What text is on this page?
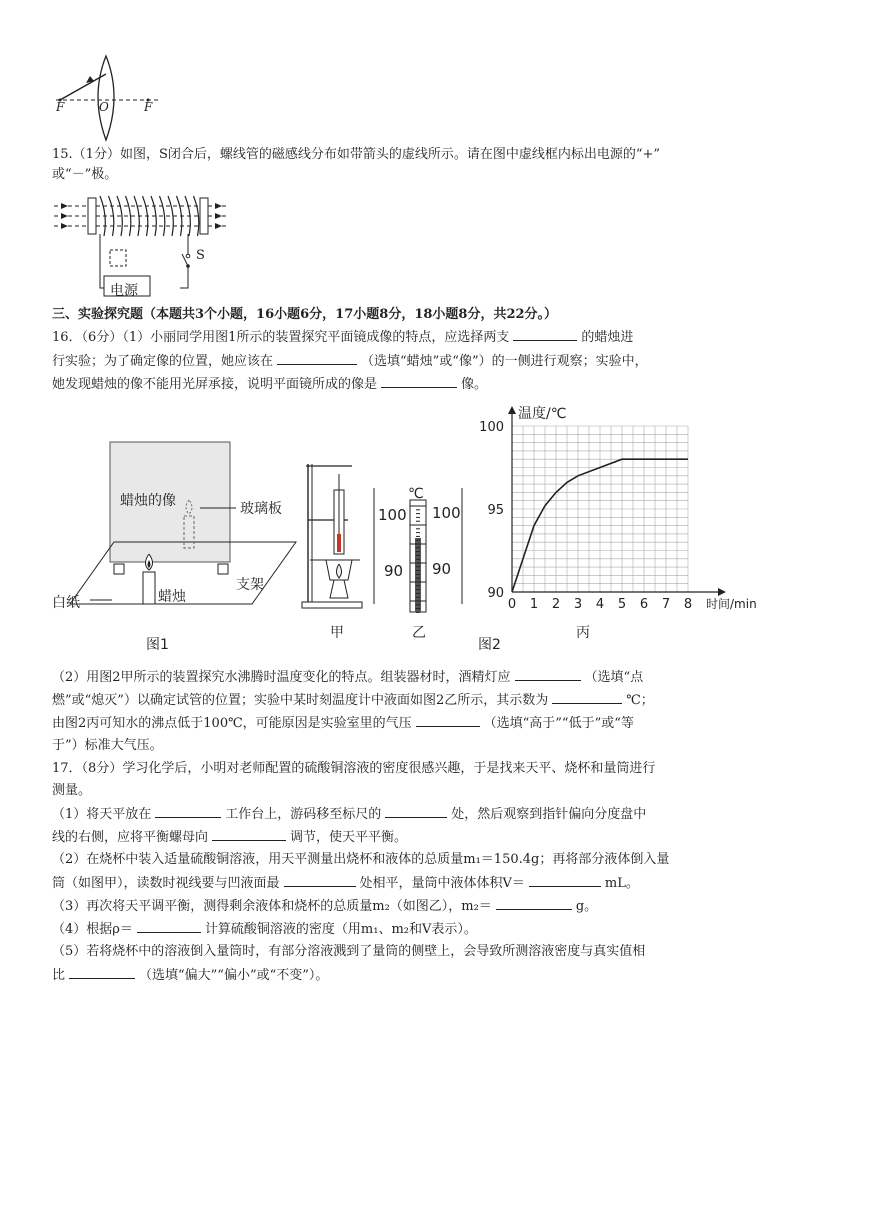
F	O	F
15.（1分）如图，S闭合后，螺线管的磁感线分布如带箭头的虚线所示。请在图中虚线框内标出电源的“+”
或“－”极。
S
电源
三、实验探究题（本题共3个小题，16小题6分，17小题8分，18小题8分，共22分。）
16．（6分）（1）小丽同学用图1所示的装置探究平面镜成像的特点，应选择两支	的蜡烛进
行实验；为了确定像的位置，她应该在	（选填“蜡烛”或“像”）的一侧进行观察；实验中，
她发现蜡烛的像不能用光屏承接，说明平面镜所成的像是	像。
蜡烛的像	玻璃板
白纸	蜡烛
支架
图1
甲
℃
100 100
90 90
乙
图2
0 1 2 3 4 5 6 7 8
90
95
100
温度/℃
时间/min
丙
（2）用图2甲所示的装置探究水沸腾时温度变化的特点。组装器材时，酒精灯应	（选填“点
燃”或“熄灭”）以确定试管的位置；实验中某时刻温度计中液面如图2乙所示，其示数为	℃；
由图2丙可知水的沸点低于100℃，可能原因是实验室里的气压	（选填“高于”“低于”或“等
于”）标准大气压。
17．（8分）学习化学后，小明对老师配置的硫酸铜溶液的密度很感兴趣，于是找来天平、烧杯和量筒进行
测量。
（1）将天平放在	工作台上，游码移至标尺的	处，然后观察到指针偏向分度盘中
线的右侧，应将平衡螺母向	调节，使天平平衡。
（2）在烧杯中装入适量硫酸铜溶液，用天平测量出烧杯和液体的总质量m₁＝150.4g；再将部分液体倒入量
筒（如图甲），读数时视线要与凹液面最	处相平，量筒中液体体积V＝	mL。
（3）再次将天平调平衡，测得剩余液体和烧杯的总质量m₂（如图乙），m₂＝	g。
（4）根据ρ＝	计算硫酸铜溶液的密度（用m₁、m₂和V表示）。
（5）若将烧杯中的溶液倒入量筒时，有部分溶液溅到了量筒的侧壁上，会导致所测溶液密度与真实值相
比	（选填“偏大”“偏小”或“不变”）。
